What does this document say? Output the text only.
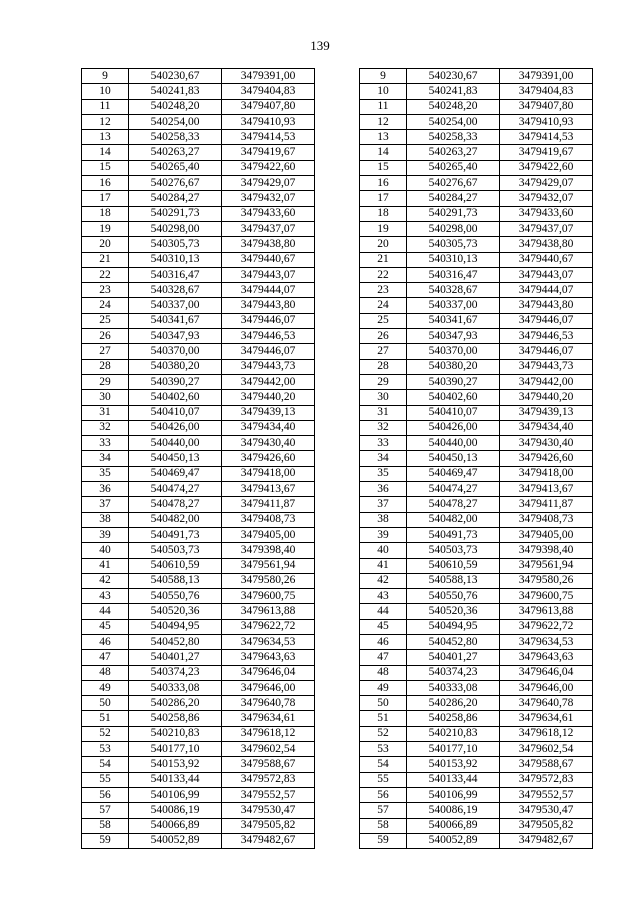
139
9	540230,67	3479391,00		9	540230,67	3479391,00
10	540241,83	3479404,83		10	540241,83	3479404,83
11	540248,20	3479407,80		11	540248,20	3479407,80
12	540254,00	3479410,93		12	540254,00	3479410,93
13	540258,33	3479414,53		13	540258,33	3479414,53
14	540263,27	3479419,67		14	540263,27	3479419,67
15	540265,40	3479422,60		15	540265,40	3479422,60
16	540276,67	3479429,07		16	540276,67	3479429,07
17	540284,27	3479432,07		17	540284,27	3479432,07
18	540291,73	3479433,60		18	540291,73	3479433,60
19	540298,00	3479437,07		19	540298,00	3479437,07
20	540305,73	3479438,80		20	540305,73	3479438,80
21	540310,13	3479440,67		21	540310,13	3479440,67
22	540316,47	3479443,07		22	540316,47	3479443,07
23	540328,67	3479444,07		23	540328,67	3479444,07
24	540337,00	3479443,80		24	540337,00	3479443,80
25	540341,67	3479446,07		25	540341,67	3479446,07
26	540347,93	3479446,53		26	540347,93	3479446,53
27	540370,00	3479446,07		27	540370,00	3479446,07
28	540380,20	3479443,73		28	540380,20	3479443,73
29	540390,27	3479442,00		29	540390,27	3479442,00
30	540402,60	3479440,20		30	540402,60	3479440,20
31	540410,07	3479439,13		31	540410,07	3479439,13
32	540426,00	3479434,40		32	540426,00	3479434,40
33	540440,00	3479430,40		33	540440,00	3479430,40
34	540450,13	3479426,60		34	540450,13	3479426,60
35	540469,47	3479418,00		35	540469,47	3479418,00
36	540474,27	3479413,67		36	540474,27	3479413,67
37	540478,27	3479411,87		37	540478,27	3479411,87
38	540482,00	3479408,73		38	540482,00	3479408,73
39	540491,73	3479405,00		39	540491,73	3479405,00
40	540503,73	3479398,40		40	540503,73	3479398,40
41	540610,59	3479561,94		41	540610,59	3479561,94
42	540588,13	3479580,26		42	540588,13	3479580,26
43	540550,76	3479600,75		43	540550,76	3479600,75
44	540520,36	3479613,88		44	540520,36	3479613,88
45	540494,95	3479622,72		45	540494,95	3479622,72
46	540452,80	3479634,53		46	540452,80	3479634,53
47	540401,27	3479643,63		47	540401,27	3479643,63
48	540374,23	3479646,04		48	540374,23	3479646,04
49	540333,08	3479646,00		49	540333,08	3479646,00
50	540286,20	3479640,78		50	540286,20	3479640,78
51	540258,86	3479634,61		51	540258,86	3479634,61
52	540210,83	3479618,12		52	540210,83	3479618,12
53	540177,10	3479602,54		53	540177,10	3479602,54
54	540153,92	3479588,67		54	540153,92	3479588,67
55	540133,44	3479572,83		55	540133,44	3479572,83
56	540106,99	3479552,57		56	540106,99	3479552,57
57	540086,19	3479530,47		57	540086,19	3479530,47
58	540066,89	3479505,82		58	540066,89	3479505,82
59	540052,89	3479482,67		59	540052,89	3479482,67
